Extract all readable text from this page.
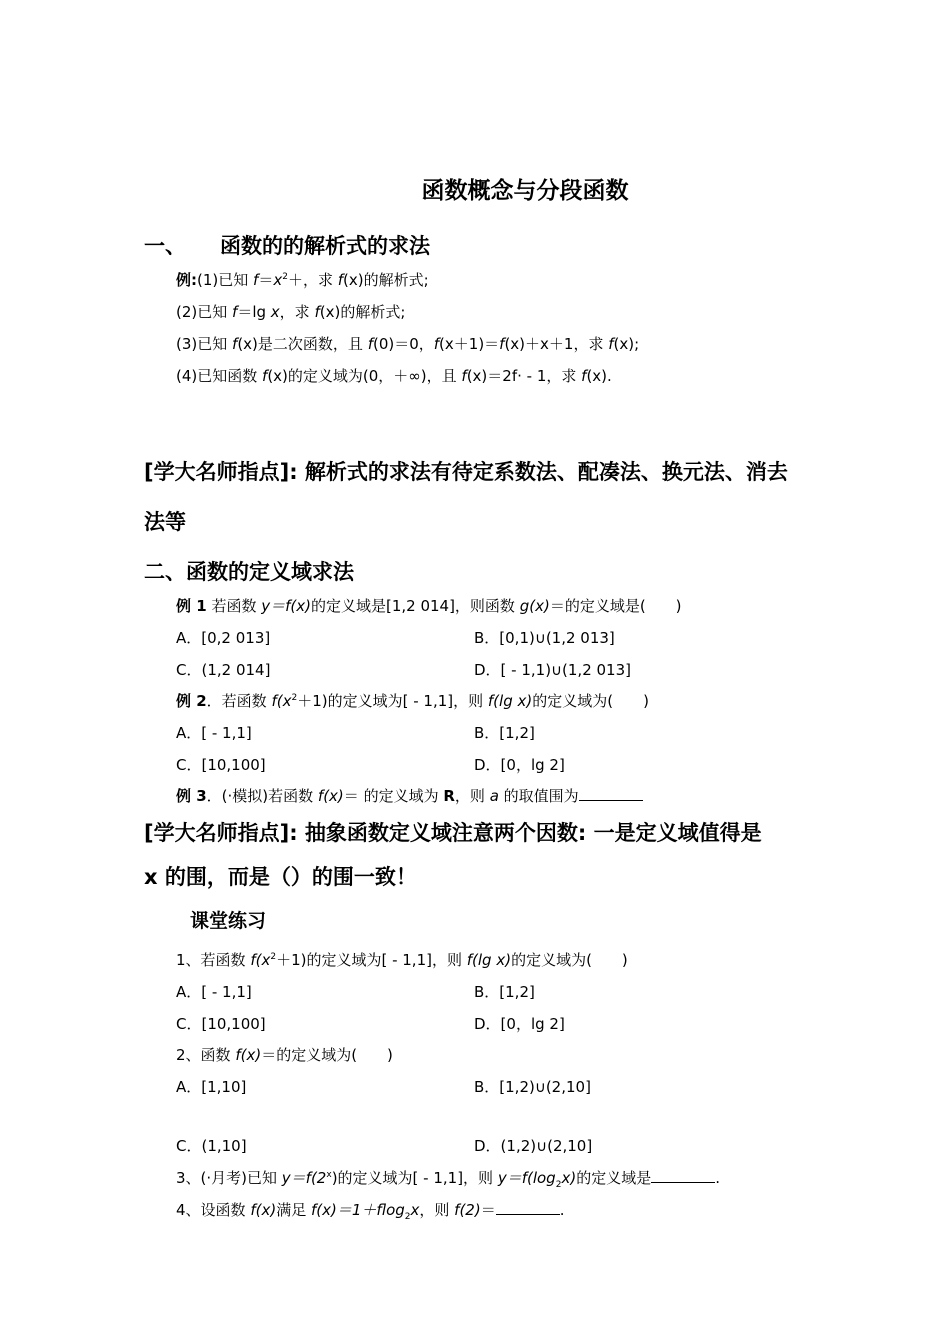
函数概念与分段函数
一、 函数的的解析式的求法
例:(1)已知 $f=x^2+$，求 f(x)的解析式;
(2)已知 f＝lg x，求 f(x)的解析式;
(3)已知 f(x)是二次函数，且 f(0)＝0，f(x＋1)＝f(x)＋x＋1，求 f(x);
(4)已知函数 f(x)的定义域为(0，＋∞)，且 f(x)＝2f· - 1，求 f(x).
[学大名师指点]: 解析式的求法有待定系数法、配凑法、换元法、消去
法等
二、函数的定义域求法
例 1 若函数 y＝f(x)的定义域是[1,2 014]，则函数 g(x)＝的定义域是(　　)
A．[0,2 013]	B．[0,1)∪(1,2 013]
C．(1,2 014]	D．[ - 1,1)∪(1,2 013]
例 2．若函数 $f(x^2+1)$的定义域为[ - 1,1]，则 f(lg x)的定义域为(　　)
A．[ - 1,1]	B．[1,2]
C．[10,100]	D．[0，lg 2]
例 3．(·模拟)若函数 f(x)＝ 的定义域为 R，则 a 的取值围为
[学大名师指点]: 抽象函数定义域注意两个因数: 一是定义域值得是
x 的围，而是（）的围一致！
课堂练习
1、若函数 $f(x^2+1)$的定义域为[ - 1,1]，则 f(lg x)的定义域为(　　)
A．[ - 1,1]	B．[1,2]
C．[10,100]	D．[0，lg 2]
2、函数 f(x)＝的定义域为(　　)
A．[1,10]	B．[1,2)∪(2,10]
C．(1,10]	D．(1,2)∪(2,10]
3、(·月考)已知 $y=f(2^x)$的定义域为[ - 1,1]，则 $y=f(\log_2x)$的定义域是	.
4、设函数 f(x)满足 f(x)＝1＋flog$_2$x，则 f(2)＝	.
